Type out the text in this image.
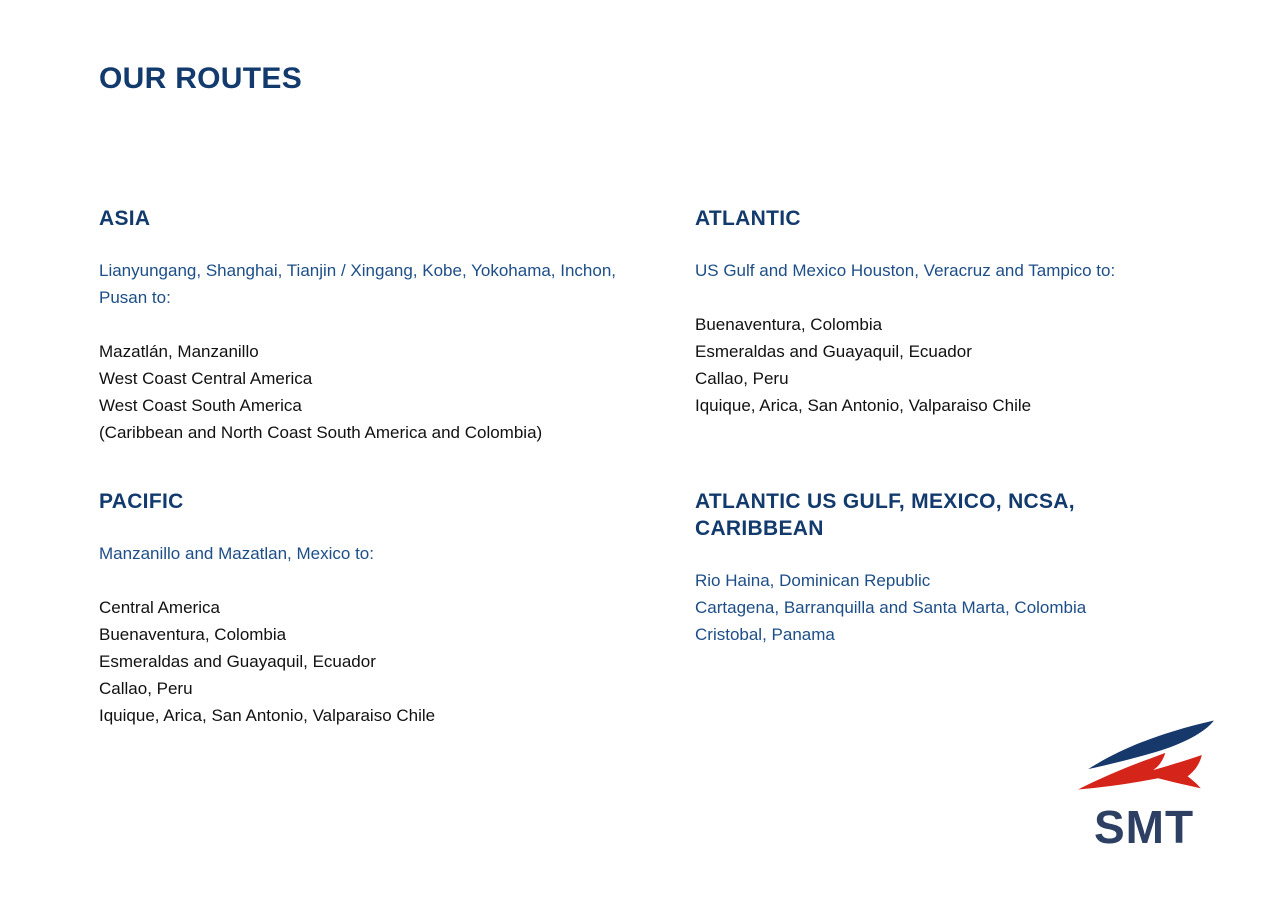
OUR ROUTES
ASIA

Lianyungang, Shanghai, Tianjin / Xingang, Kobe, Yokohama, Inchon, Pusan to:

Mazatlán, Manzanillo
West Coast Central America
West Coast South America
(Caribbean and North Coast South America and Colombia)
ATLANTIC

US Gulf and Mexico Houston, Veracruz and Tampico to:

Buenaventura, Colombia
Esmeraldas and Guayaquil, Ecuador
Callao, Peru
Iquique, Arica, San Antonio, Valparaiso Chile
PACIFIC

Manzanillo and Mazatlan, Mexico to:

Central America
Buenaventura, Colombia
Esmeraldas and Guayaquil, Ecuador
Callao, Peru
Iquique, Arica, San Antonio, Valparaiso Chile
ATLANTIC US GULF, MEXICO, NCSA, CARIBBEAN
Rio Haina, Dominican Republic
Cartagena, Barranquilla and Santa Marta, Colombia
Cristobal, Panama
SMT
